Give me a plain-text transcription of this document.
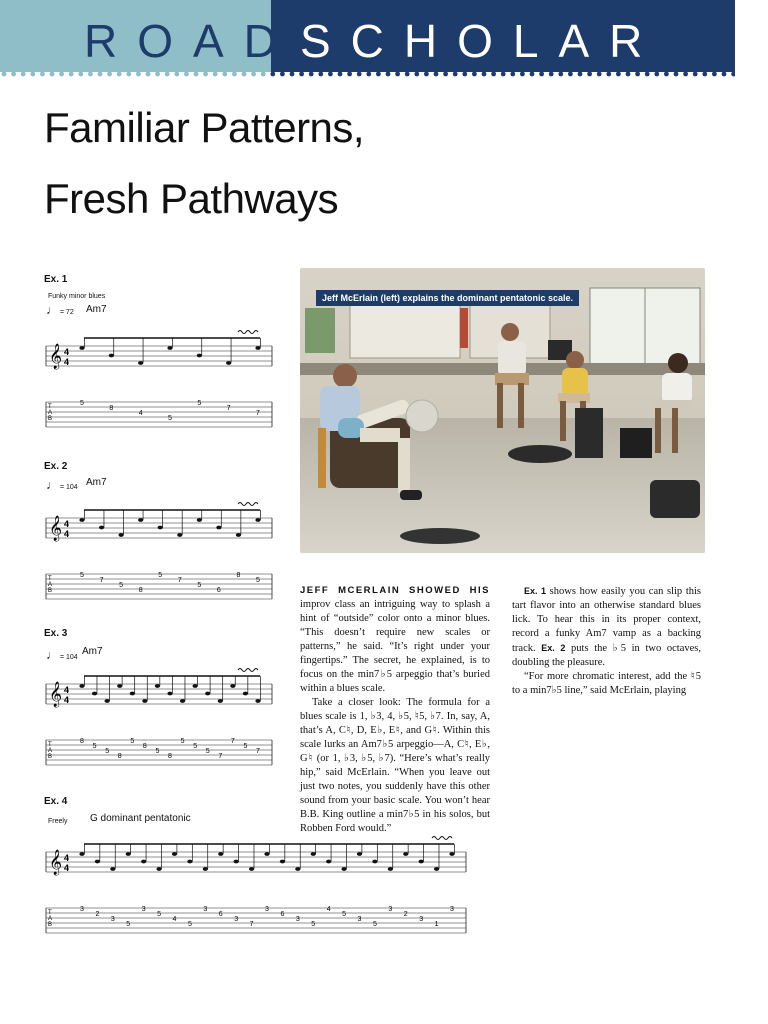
ROAD SCHOLAR
Familiar Patterns,
Fresh Pathways
Ex. 1
Funky minor blues
♩ = 72 Am7
𝄞 4
4
T
A
B
5
8
4
5
5
7
7
Ex. 2
♩ = 104 Am7
𝄞 4
4
T
A
B
5
7
5
8
5
7
5
6
8
5
Ex. 3
♩ = 104
Am7
𝄞 4
4
T
A
B
8
5
5
8
5
8
5
8
5
5
5
7
7
5
7
Ex. 4
Freely G dominant pentatonic
𝄞 4
4
T
A
B
3
2
3
5
3
5
4
5
3
6
3
7
3
6
3
5
4
5
3
5
3
2
3
1
3
Jeff McErlain (left) explains the dominant pentatonic scale.

JEFF MCERLAIN SHOWED HIS improv class an intriguing way to splash a hint of “outside” color onto a minor blues. “This doesn’t require new scales or patterns,” he said. “It’s right under your fingertips.” The secret, he explained, is to focus on the min7♭5 arpeggio that’s buried within a blues scale.

Take a closer look: The formula for a blues scale is 1, ♭3, 4, ♭5, ♮5, ♭7. In, say, A, that’s A, C♮, D, E♭, E♮, and G♮. Within this scale lurks an Am7♭5 arpeggio—A, C♮, E♭, G♮ (or 1, ♭3, ♭5, ♭7). “Here’s what’s really hip,” said McErlain. “When you leave out just two notes, you suddenly have this other sound from your basic scale. You won’t hear B.B. King outline a min7♭5 in his solos, but Robben Ford would.”

Ex. 1 shows how easily you can slip this tart flavor into an otherwise standard blues lick. To hear this in its proper context, record a funky Am7 vamp as a backing track. Ex. 2 puts the ♭5 in two octaves, doubling the pleasure.

“For more chromatic interest, add the ♮5 to a min7♭5 line,” said McErlain, playing
